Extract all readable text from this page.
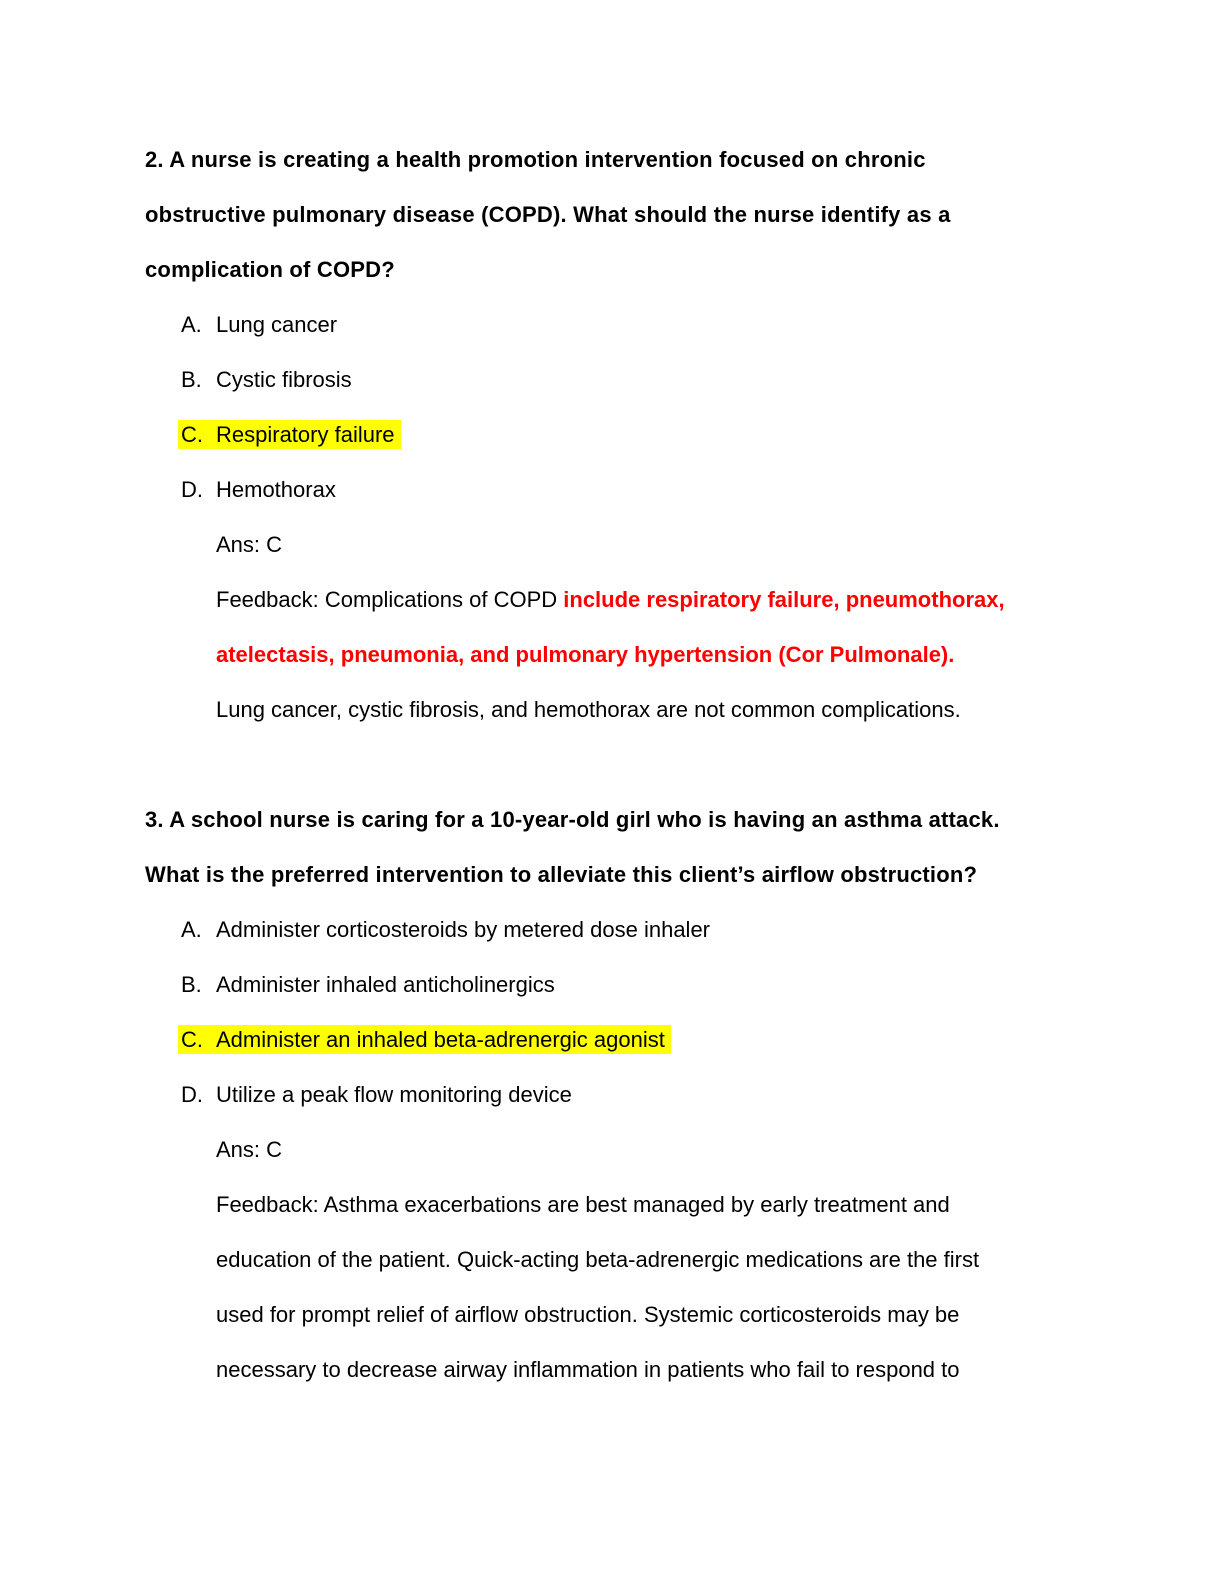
2. A nurse is creating a health promotion intervention focused on chronic
obstructive pulmonary disease (COPD). What should the nurse identify as a
complication of COPD?
A. Lung cancer
B. Cystic fibrosis
C. Respiratory failure
D. Hemothorax
Ans: C
Feedback: Complications of COPD include respiratory failure, pneumothorax,
atelectasis, pneumonia, and pulmonary hypertension (Cor Pulmonale).
Lung cancer, cystic fibrosis, and hemothorax are not common complications.
3. A school nurse is caring for a 10-year-old girl who is having an asthma attack.
What is the preferred intervention to alleviate this client’s airflow obstruction?
A. Administer corticosteroids by metered dose inhaler
B. Administer inhaled anticholinergics
C. Administer an inhaled beta-adrenergic agonist
D. Utilize a peak flow monitoring device
Ans: C
Feedback: Asthma exacerbations are best managed by early treatment and
education of the patient. Quick-acting beta-adrenergic medications are the first
used for prompt relief of airflow obstruction. Systemic corticosteroids may be
necessary to decrease airway inflammation in patients who fail to respond to
